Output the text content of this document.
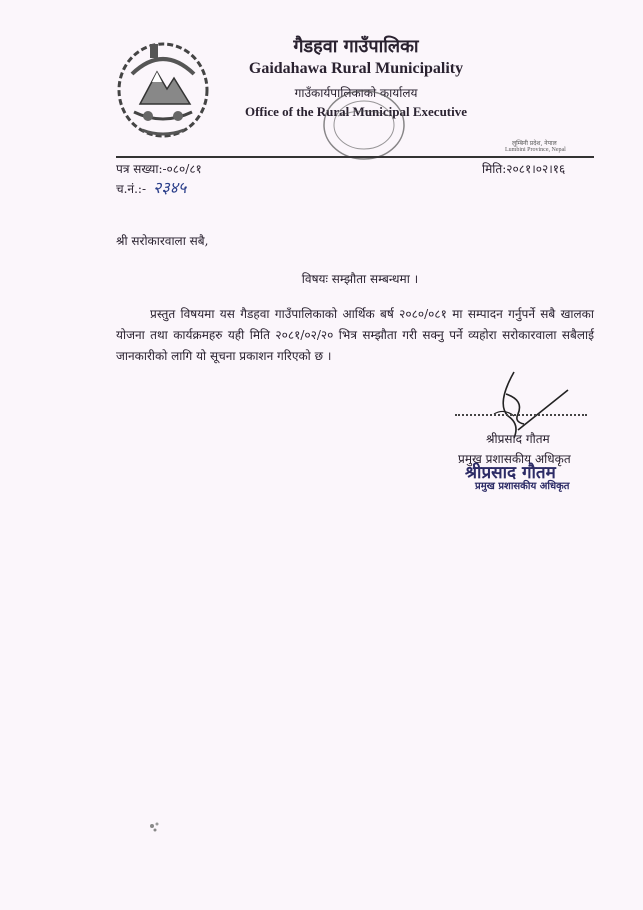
गैडहवा गाउँपालिका
Gaidahawa Rural Municipality
गाउँकार्यपालिकाको कार्यालय
Office of the Rural Municipal Executive
लुम्बिनी प्रदेश, नेपाल
Lumbini Province, Nepal
पत्र सख्या:-०८०/८१	मिति:२०८१।०२।१६
च.नं.:- २३४५
श्री सरोकारवाला सबै,
विषयः सम्झौता सम्बन्धमा ।
प्रस्तुत विषयमा यस गैडहवा गाउँपालिकाको आर्थिक बर्ष २०८०/०८१ मा सम्पादन गर्नुपर्ने सबै खालका योजना तथा कार्यक्रमहरु यही मिति २०८१/०२/२० भित्र सम्झौता गरी सक्नु पर्ने व्यहोरा सरोकारवाला सबैलाई जानकारीको लागि यो सूचना प्रकाशन गरिएको छ ।
श्रीप्रसाद गौतम
प्रमुख प्रशासकीय अधिकृत
श्रीप्रसाद गौतम
प्रमुख प्रशासकीय अधिकृत
